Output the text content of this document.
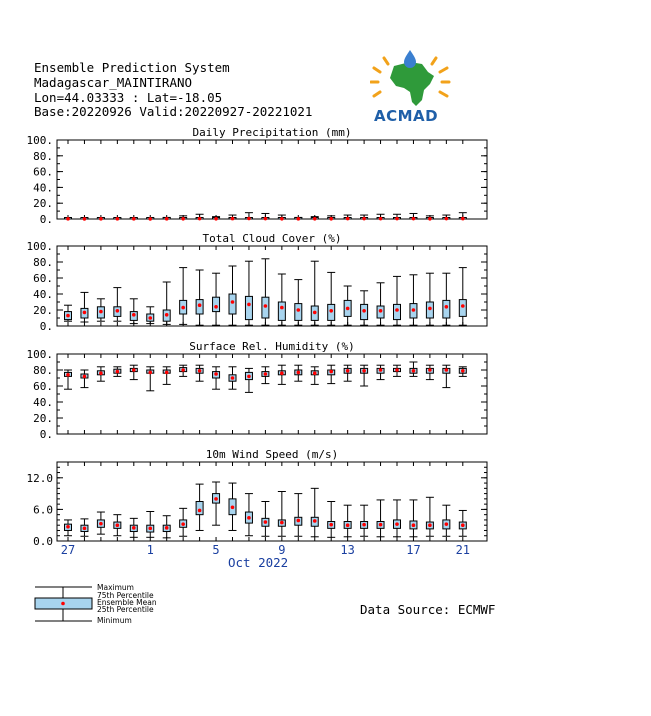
Ensemble Prediction System
Madagascar_MAINTIRANO
Lon=44.03333 : Lat=-18.05
Base:20220926 Valid:20220927-20221021	ACMAD
Daily Precipitation (mm)
0.
20.
40.
60.
80.
100.
Total Cloud Cover (%)
0.
20.
40.
60.
80.
100.
Surface Rel. Humidity (%)
0.
20.
40.
60.
80.
100.
10m Wind Speed (m/s)
0.0
6.0
12.0
27	1	5	9	13	17	21
Maximum
75th Percentile
Ensemble Mean
25th Percentile
Minimum
Oct 2022
Data Source: ECMWF
